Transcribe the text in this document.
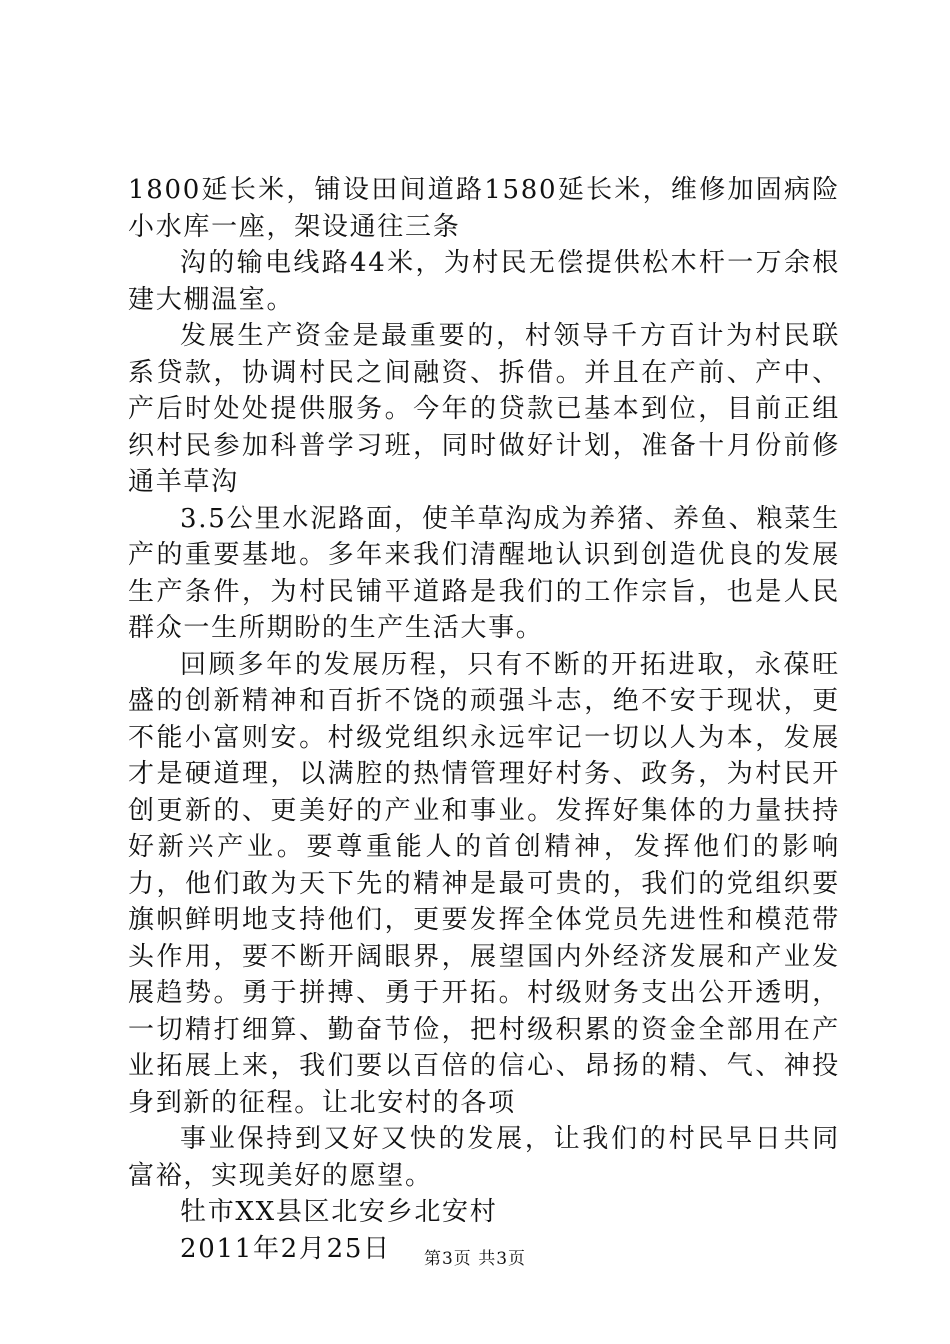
1800延长米，铺设田间道路1580延长米，维修加固病险小水库一座，架设通往三条

沟的输电线路44米，为村民无偿提供松木杆一万余根建大棚温室。

发展生产资金是最重要的，村领导千方百计为村民联系贷款，协调村民之间融资、拆借。并且在产前、产中、产后时处处提供服务。今年的贷款已基本到位，目前正组织村民参加科普学习班，同时做好计划，准备十月份前修通羊草沟

3.5公里水泥路面，使羊草沟成为养猪、养鱼、粮菜生产的重要基地。多年来我们清醒地认识到创造优良的发展生产条件，为村民铺平道路是我们的工作宗旨，也是人民群众一生所期盼的生产生活大事。

回顾多年的发展历程，只有不断的开拓进取，永葆旺盛的创新精神和百折不饶的顽强斗志，绝不安于现状，更不能小富则安。村级党组织永远牢记一切以人为本，发展才是硬道理，以满腔的热情管理好村务、政务，为村民开创更新的、更美好的产业和事业。发挥好集体的力量扶持好新兴产业。要尊重能人的首创精神，发挥他们的影响力，他们敢为天下先的精神是最可贵的，我们的党组织要旗帜鲜明地支持他们，更要发挥全体党员先进性和模范带头作用，要不断开阔眼界，展望国内外经济发展和产业发展趋势。勇于拼搏、勇于开拓。村级财务支出公开透明，一切精打细算、勤奋节俭，把村级积累的资金全部用在产业拓展上来，我们要以百倍的信心、昂扬的精、气、神投身到新的征程。让北安村的各项

事业保持到又好又快的发展，让我们的村民早日共同富裕，实现美好的愿望。

牡市XX县区北安乡北安村

2011年2月25日	第3页 共3页
